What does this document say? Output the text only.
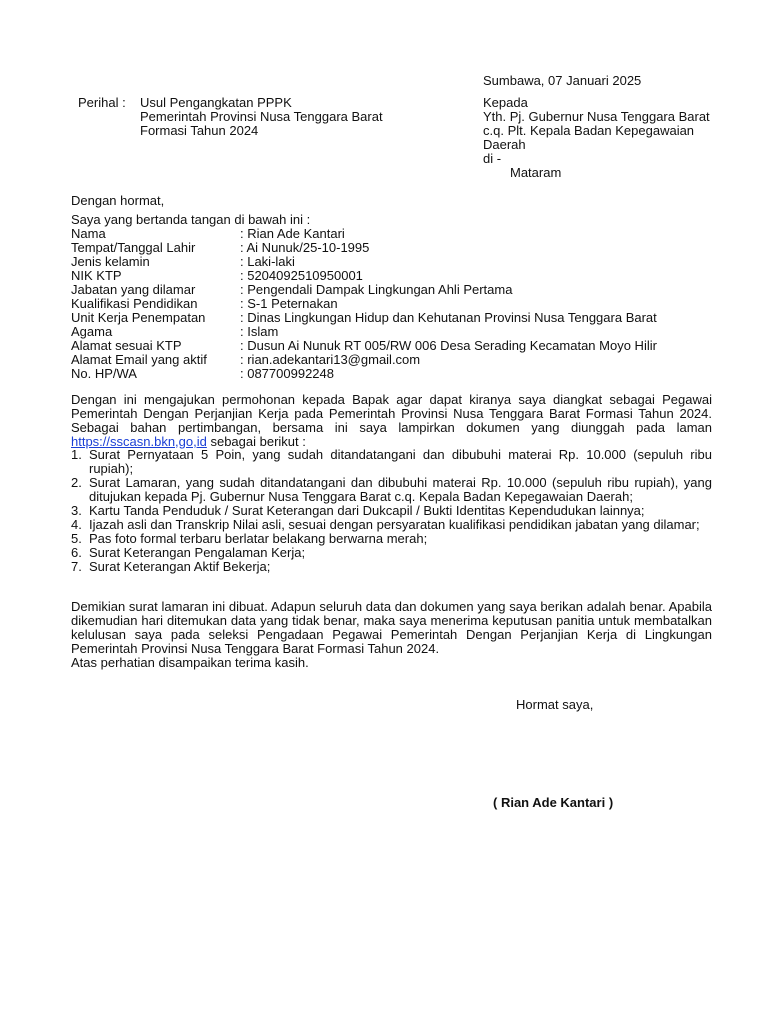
Sumbawa, 07 Januari 2025
Perihal : Usul Pengangkatan PPPK
Pemerintah Provinsi Nusa Tenggara Barat
Formasi Tahun 2024
Kepada
Yth. Pj. Gubernur Nusa Tenggara Barat
c.q. Plt. Kepala Badan Kepegawaian
Daerah
di -
Mataram
Dengan hormat,
Saya yang bertanda tangan di bawah ini :
Nama	: Rian Ade Kantari
Tempat/Tanggal Lahir	: Ai Nunuk/25-10-1995
Jenis kelamin	: Laki-laki
NIK KTP	: 5204092510950001
Jabatan yang dilamar	: Pengendali Dampak Lingkungan Ahli Pertama
Kualifikasi Pendidikan	: S-1 Peternakan
Unit Kerja Penempatan	: Dinas Lingkungan Hidup dan Kehutanan Provinsi Nusa Tenggara Barat
Agama	: Islam
Alamat sesuai KTP	: Dusun Ai Nunuk RT 005/RW 006 Desa Serading Kecamatan Moyo Hilir
Alamat Email yang aktif	: rian.adekantari13@gmail.com
No. HP/WA	: 087700992248
Dengan ini mengajukan permohonan kepada Bapak agar dapat kiranya saya diangkat sebagai Pegawai Pemerintah Dengan Perjanjian Kerja pada Pemerintah Provinsi Nusa Tenggara Barat Formasi Tahun 2024. Sebagai bahan pertimbangan, bersama ini saya lampirkan dokumen yang diunggah pada laman https://sscasn.bkn,go,id sebagai berikut :
1. Surat Pernyataan 5 Poin, yang sudah ditandatangani dan dibubuhi materai Rp. 10.000 (sepuluh ribu rupiah);
2. Surat Lamaran, yang sudah ditandatangani dan dibubuhi materai Rp. 10.000 (sepuluh ribu rupiah), yang ditujukan kepada Pj. Gubernur Nusa Tenggara Barat c.q. Kepala Badan Kepegawaian Daerah;
3. Kartu Tanda Penduduk / Surat Keterangan dari Dukcapil / Bukti Identitas Kependudukan lainnya;
4. Ijazah asli dan Transkrip Nilai asli, sesuai dengan persyaratan kualifikasi pendidikan jabatan yang dilamar;
5. Pas foto formal terbaru berlatar belakang berwarna merah;
6. Surat Keterangan Pengalaman Kerja;
7. Surat Keterangan Aktif Bekerja;
Demikian surat lamaran ini dibuat. Adapun seluruh data dan dokumen yang saya berikan adalah benar. Apabila dikemudian hari ditemukan data yang tidak benar, maka saya menerima keputusan panitia untuk membatalkan kelulusan saya pada seleksi Pengadaan Pegawai Pemerintah Dengan Perjanjian Kerja di Lingkungan Pemerintah Provinsi Nusa Tenggara Barat Formasi Tahun 2024.
Atas perhatian disampaikan terima kasih.
Hormat saya,
( Rian Ade Kantari )
